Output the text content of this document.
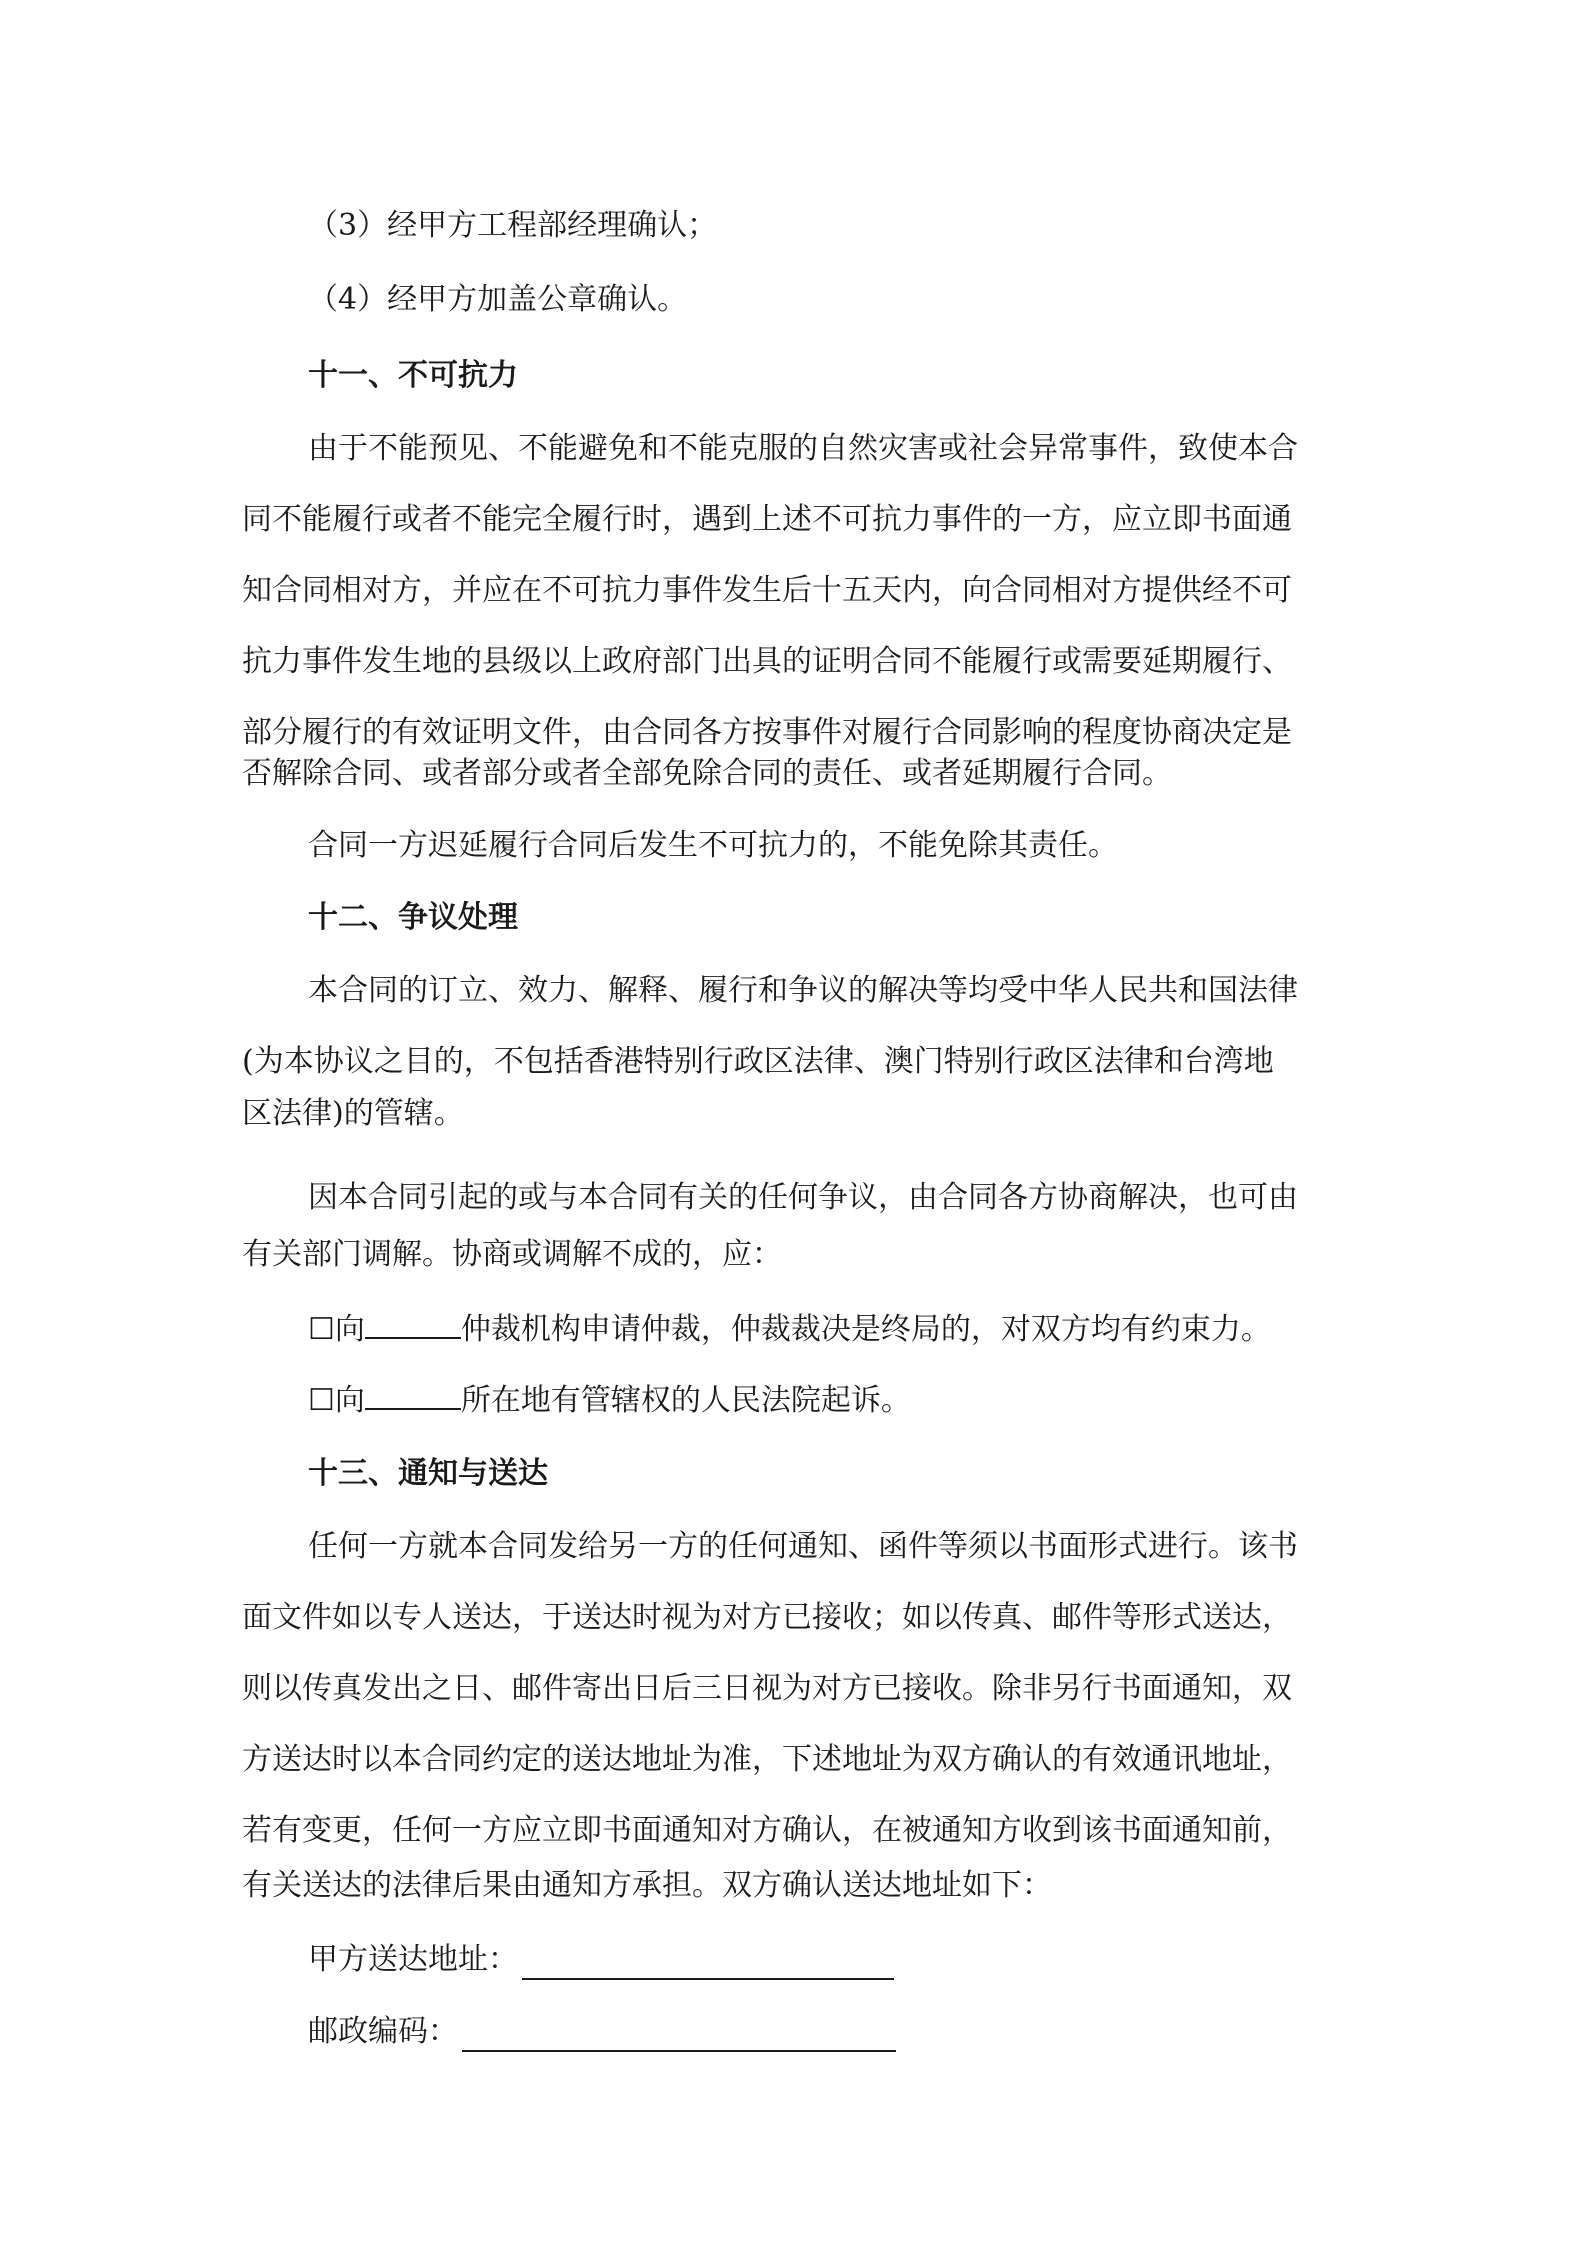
（3）经甲方工程部经理确认；
（4）经甲方加盖公章确认。
十一、不可抗力
由于不能预见、不能避免和不能克服的自然灾害或社会异常事件，致使本合
同不能履行或者不能完全履行时，遇到上述不可抗力事件的一方，应立即书面通
知合同相对方，并应在不可抗力事件发生后十五天内，向合同相对方提供经不可
抗力事件发生地的县级以上政府部门出具的证明合同不能履行或需要延期履行、
部分履行的有效证明文件，由合同各方按事件对履行合同影响的程度协商决定是
否解除合同、或者部分或者全部免除合同的责任、或者延期履行合同。
合同一方迟延履行合同后发生不可抗力的，不能免除其责任。
十二、争议处理
本合同的订立、效力、解释、履行和争议的解决等均受中华人民共和国法律
(为本协议之目的，不包括香港特别行政区法律、澳门特别行政区法律和台湾地
区法律)的管辖。
因本合同引起的或与本合同有关的任何争议，由合同各方协商解决，也可由
有关部门调解。协商或调解不成的，应：
☐向	仲裁机构申请仲裁，仲裁裁决是终局的，对双方均有约束力。
☐向	所在地有管辖权的人民法院起诉。
十三、通知与送达
任何一方就本合同发给另一方的任何通知、函件等须以书面形式进行。该书
面文件如以专人送达，于送达时视为对方已接收；如以传真、邮件等形式送达，
则以传真发出之日、邮件寄出日后三日视为对方已接收。除非另行书面通知，双
方送达时以本合同约定的送达地址为准，下述地址为双方确认的有效通讯地址，
若有变更，任何一方应立即书面通知对方确认，在被通知方收到该书面通知前，
有关送达的法律后果由通知方承担。双方确认送达地址如下：
甲方送达地址：
邮政编码：
